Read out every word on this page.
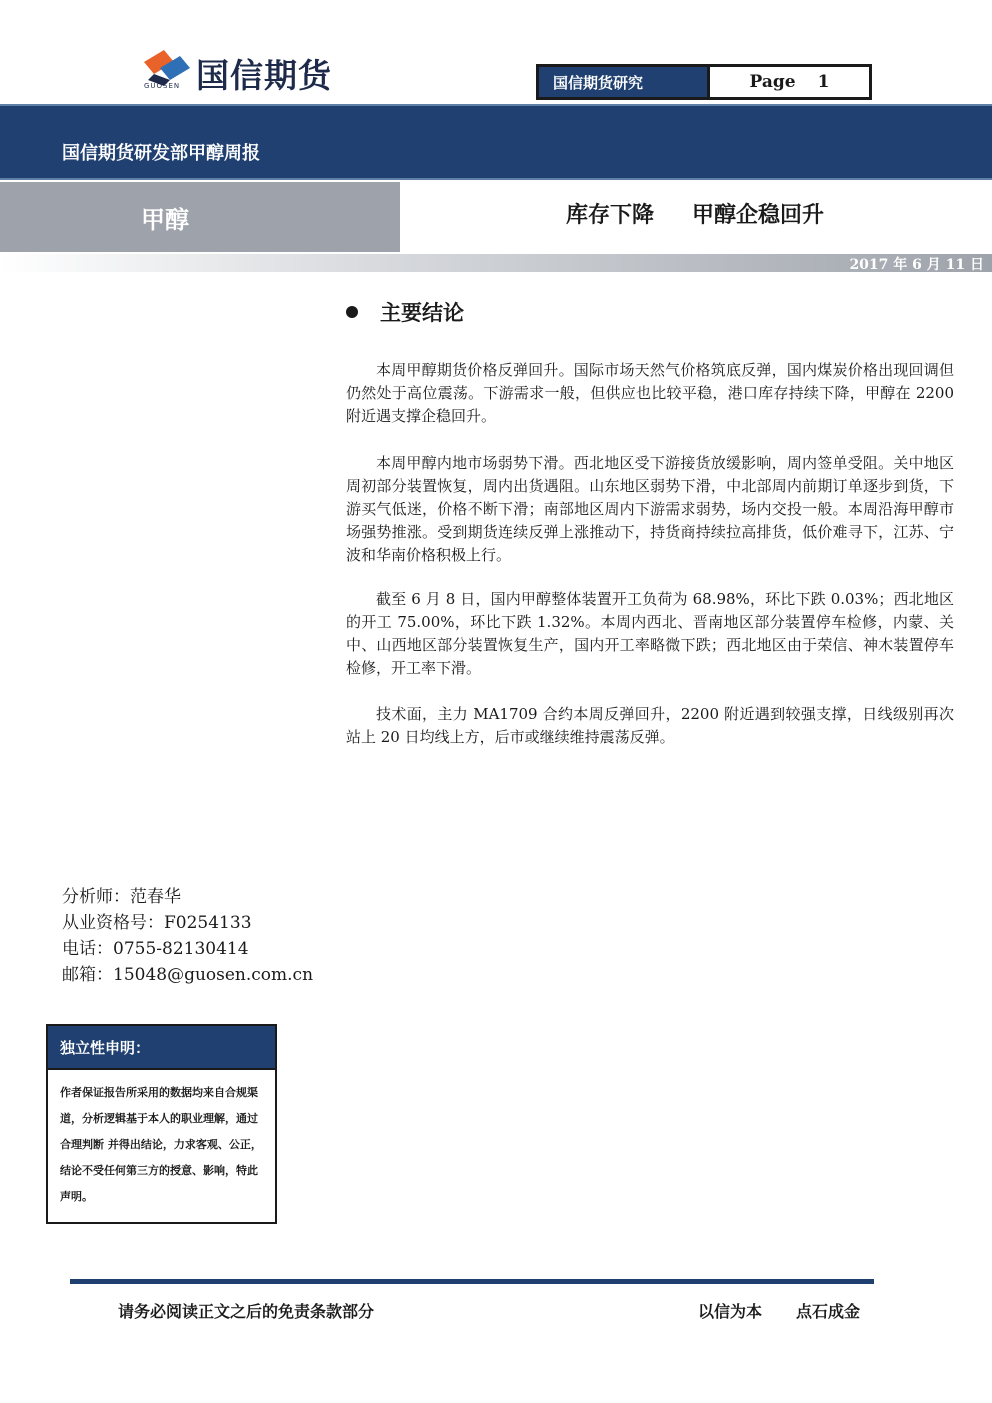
国信期货
GUOSEN	国信期货研究	Page 1
国信期货研发部甲醇周报
甲醇	库存下降 甲醇企稳回升
2017 年 6 月 11 日
主要结论

本周甲醇期货价格反弹回升。国际市场天然气价格筑底反弹，国内煤炭价格出现回调但仍然处于高位震荡。下游需求一般，但供应也比较平稳，港口库存持续下降，甲醇在 2200 附近遇支撑企稳回升。

本周甲醇内地市场弱势下滑。西北地区受下游接货放缓影响，周内签单受阻。关中地区周初部分装置恢复，周内出货遇阻。山东地区弱势下滑，中北部周内前期订单逐步到货，下游买气低迷，价格不断下滑；南部地区周内下游需求弱势，场内交投一般。本周沿海甲醇市场强势推涨。受到期货连续反弹上涨推动下，持货商持续拉高排货，低价难寻下，江苏、宁波和华南价格积极上行。

截至 6 月 8 日，国内甲醇整体装置开工负荷为 68.98%，环比下跌 0.03%；西北地区的开工 75.00%，环比下跌 1.32%。本周内西北、晋南地区部分装置停车检修，内蒙、关中、山西地区部分装置恢复生产，国内开工率略微下跌；西北地区由于荣信、神木装置停车检修，开工率下滑。

技术面，主力 MA1709 合约本周反弹回升，2200 附近遇到较强支撑，日线级别再次站上 20 日均线上方，后市或继续维持震荡反弹。

分析师：范春华
从业资格号：F0254133
电话：0755-82130414
邮箱：15048@guosen.com.cn
独立性申明：
作者保证报告所采用的数据均来自合规渠道，分析逻辑基于本人的职业理解，通过合理判断 并得出结论，力求客观、公正，结论不受任何第三方的授意、影响，特此声明。
请务必阅读正文之后的免责条款部分	以信为本 点石成金
